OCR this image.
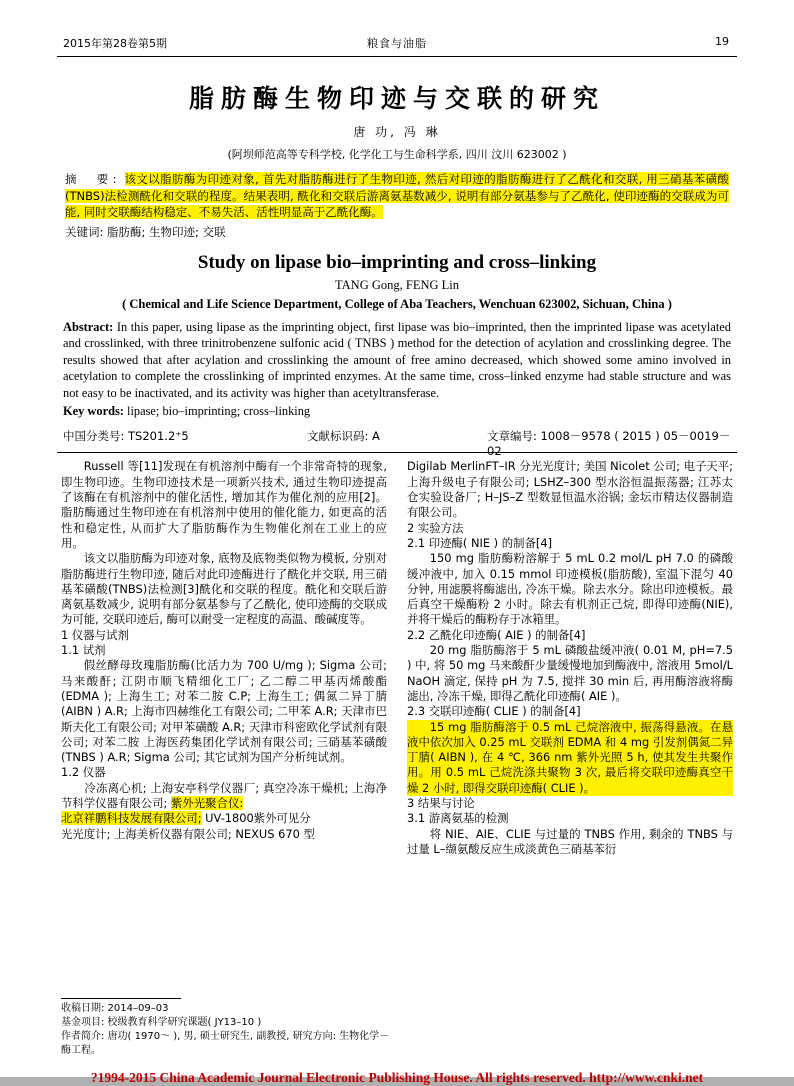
2015年第28卷第5期	粮食与油脂	19
脂肪酶生物印迹与交联的研究
唐 功, 冯 琳
(阿坝师范高等专科学校, 化学化工与生命科学系, 四川 汶川 623002 )
摘　要: 该文以脂肪酶为印迹对象, 首先对脂肪酶进行了生物印迹, 然后对印迹的脂肪酶进行了乙酰化和交联, 用三硝基苯磺酸(TNBS)法检测酰化和交联的程度。结果表明, 酰化和交联后游离氨基数减少, 说明有部分氨基参与了乙酰化, 使印迹酶的交联成为可能, 同时交联酶结构稳定、不易失活、活性明显高于乙酰化酶。
关键词: 脂肪酶; 生物印迹; 交联
Study on lipase bio–imprinting and cross–linking
TANG Gong, FENG Lin
( Chemical and Life Science Department, College of Aba Teachers, Wenchuan 623002, Sichuan, China )
Abstract: In this paper, using lipase as the imprinting object, first lipase was bio–imprinted, then the imprinted lipase was acetylated and crosslinked, with three trinitrobenzene sulfonic acid ( TNBS ) method for the detection of acylation and crosslinking degree. The results showed that after acylation and crosslinking the amount of free amino decreased, which showed some amino involved in acetylation to complete the crosslinking of imprinted enzymes. At the same time, cross–linked enzyme had stable structure and was not easy to be inactivated, and its activity was higher than acetyltransferase.
Key words: lipase; bio–imprinting; cross–linking
中国分类号: TS201.2⁺5	文献标识码: A	文章编号: 1008－9578 ( 2015 ) 05－0019－02

Russell 等[11]发现在有机溶剂中酶有一个非常奇特的现象, 即生物印迹。生物印迹技术是一项新兴技术, 通过生物印迹提高了该酶在有机溶剂中的催化活性, 增加其作为催化剂的应用[2]。脂肪酶通过生物印迹在有机溶剂中使用的催化能力, 如更高的活性和稳定性, 从而扩大了脂肪酶作为生物催化剂在工业上的应用。

该文以脂肪酶为印迹对象, 底物及底物类似物为模板, 分别对脂肪酶进行生物印迹, 随后对此印迹酶进行了酰化并交联, 用三硝基苯磺酸(TNBS)法检测[3]酰化和交联的程度。酰化和交联后游离氨基数减少, 说明有部分氨基参与了乙酰化, 使印迹酶的交联成为可能, 交联印迹后, 酶可以耐受一定程度的高温、酸碱度等。

1 仪器与试剂
1.1 试剂

假丝酵母玫瑰脂肪酶(比活力为 700 U/mg ); Sigma 公司; 马来酸酐; 江阴市顺飞精细化工厂; 乙二醇二甲基丙烯酸酯(EDMA ); 上海生工; 对苯二胺 C.P; 上海生工; 偶氮二异丁腈(AIBN ) A.R; 上海市四赫维化工有限公司; 二甲苯 A.R; 天津市巴斯夫化工有限公司; 对甲苯磺酸 A.R; 天津市科密欧化学试剂有限公司; 对苯二胺 上海医药集团化学试剂有限公司; 三硝基苯磺酸(TNBS ) A.R; Sigma 公司; 其它试剂为国产分析纯试剂。

1.2 仪器

　　冷冻离心机; 上海安亭科学仪器厂; 真空冷冻干燥机; 上海净节科学仪器有限公司; 紫外光聚合仪:
北京祥鹏科技发展有限公司; UV-1800紫外可见分
光光度计; 上海美析仪器有限公司; NEXUS 670 型

Digilab MerlinFT–IR 分光光度计; 美国 Nicolet 公司; 电子天平; 上海升级电子有限公司; LSHZ–300 型水浴恒温振荡器; 江苏太仓实验设备厂; H–JS–Z 型数显恒温水浴锅; 金坛市精达仪器制造有限公司。

2 实验方法
2.1 印迹酶( NIE ) 的制备[4]

150 mg 脂肪酶粉溶解于 5 mL 0.2 mol/L pH 7.0 的磷酸缓冲液中, 加入 0.15 mmol 印迹模板(脂肪酸), 室温下混匀 40 分钟, 用滤膜将酶滤出, 冷冻干燥。除去水分。除出印迹模板。最后真空干燥酶粉 2 小时。除去有机剂正己烷, 即得印迹酶(NIE), 并将干燥后的酶粉存于冰箱里。

2.2 乙酰化印迹酶( AIE ) 的制备[4]

20 mg 脂肪酶溶于 5 mL 磷酸盐缓冲液( 0.01 M, pH=7.5 ) 中, 将 50 mg 马来酸酐少量缓慢地加到酶液中, 溶液用 5mol/L NaOH 滴定, 保持 pH 为 7.5, 搅拌 30 min 后, 再用酶溶液将酶滤出, 冷冻干燥, 即得乙酰化印迹酶( AIE )。

2.3 交联印迹酶( CLIE ) 的制备[4]

15 mg 脂肪酶溶于 0.5 mL 己烷溶液中, 振荡得悬液。在悬液中依次加入 0.25 mL 交联剂 EDMA 和 4 mg 引发剂偶氮二异丁腈( AIBN ), 在 4 ℃, 366 nm 紫外光照 5 h, 使其发生共聚作用。用 0.5 mL 己烷洗涤共聚物 3 次, 最后将交联印迹酶真空干燥 2 小时, 即得交联印迹酶( CLIE )。

3 结果与讨论
3.1 游离氨基的检测

将 NIE、AIE、CLIE 与过量的 TNBS 作用, 剩余的 TNBS 与过量 L–缬氨酸反应生成淡黄色三硝基苯衍

收稿日期: 2014–09–03
基金项目: 校级教育科学研究课题( JY13–10 )
作者简介: 唐功( 1970～ ), 男, 硕士研究生, 副教授, 研究方向: 生物化学－酶工程。
?1994-2015 China Academic Journal Electronic Publishing House. All rights reserved. http://www.cnki.net
